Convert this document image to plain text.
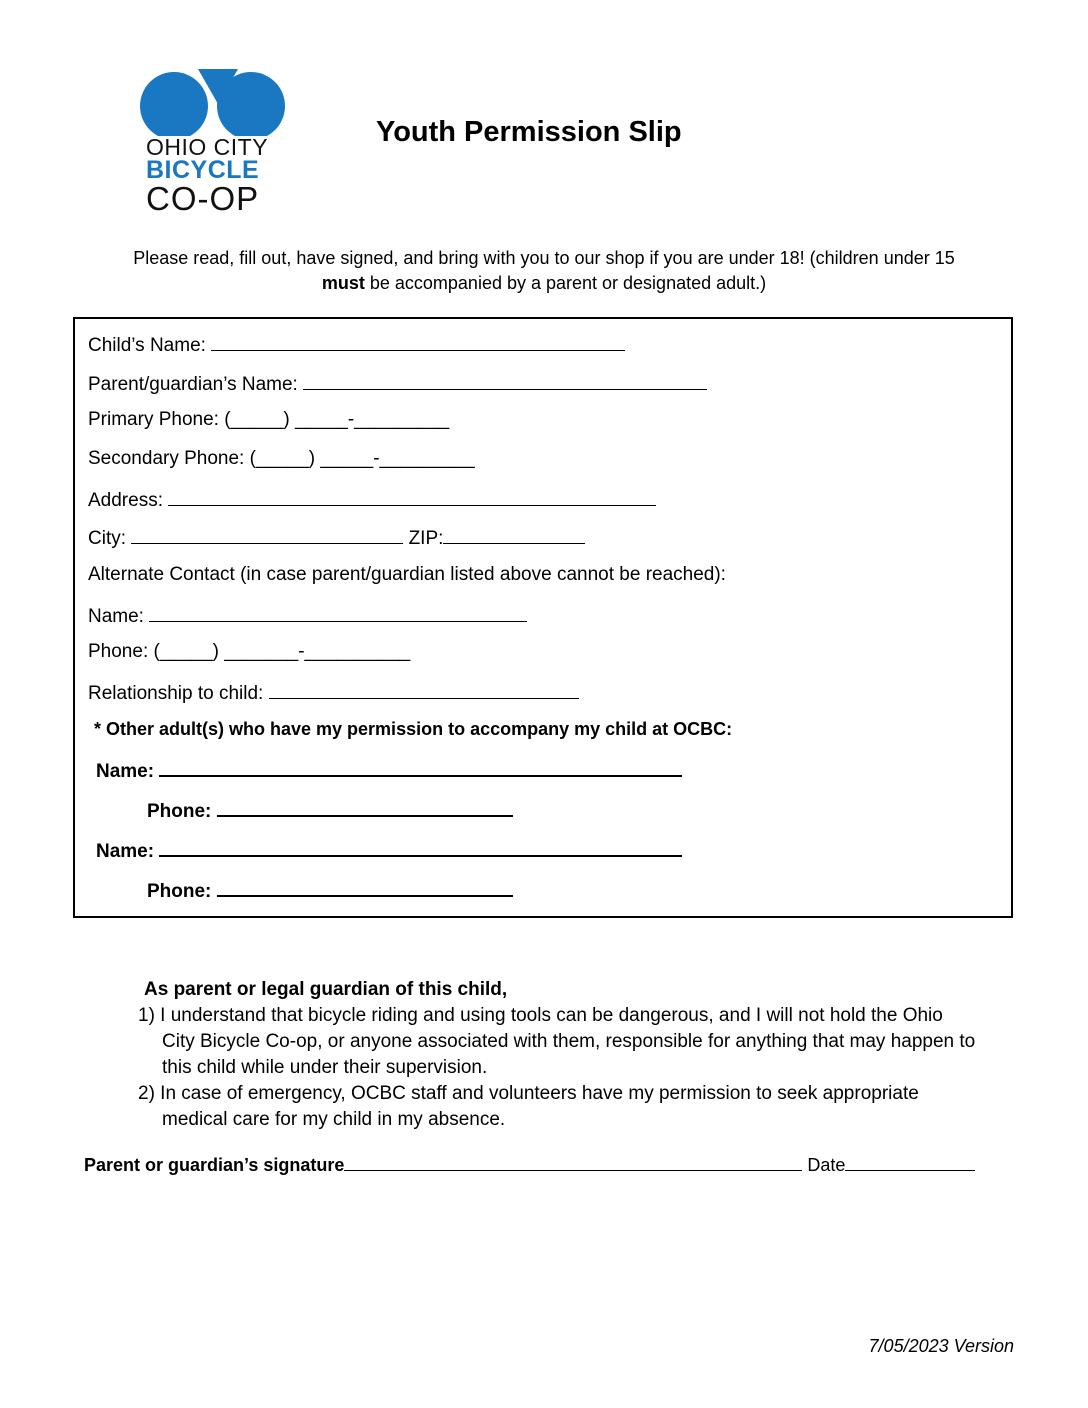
OHIO CITY
BICYCLE
CO-OP
Youth Permission Slip
Please read, fill out, have signed, and bring with you to our shop if you are under 18! (children under 15 must be accompanied by a parent or designated adult.)
Child’s Name:
Parent/guardian’s Name:
Primary Phone: (_____) _____-_________
Secondary Phone: (_____) _____-_________
Address:
City:	ZIP:
Alternate Contact (in case parent/guardian listed above cannot be reached):
Name:
Phone: (_____) _______-__________
Relationship to child:
* Other adult(s) who have my permission to accompany my child at OCBC:
Name:
Phone:
Name:
Phone:
As parent or legal guardian of this child,
1) I understand that bicycle riding and using tools can be dangerous, and I will not hold the Ohio City Bicycle Co-op, or anyone associated with them, responsible for anything that may happen to this child while under their supervision.
2) In case of emergency, OCBC staff and volunteers have my permission to seek appropriate medical care for my child in my absence.
Parent or guardian’s signature	Date
7/05/2023 Version
